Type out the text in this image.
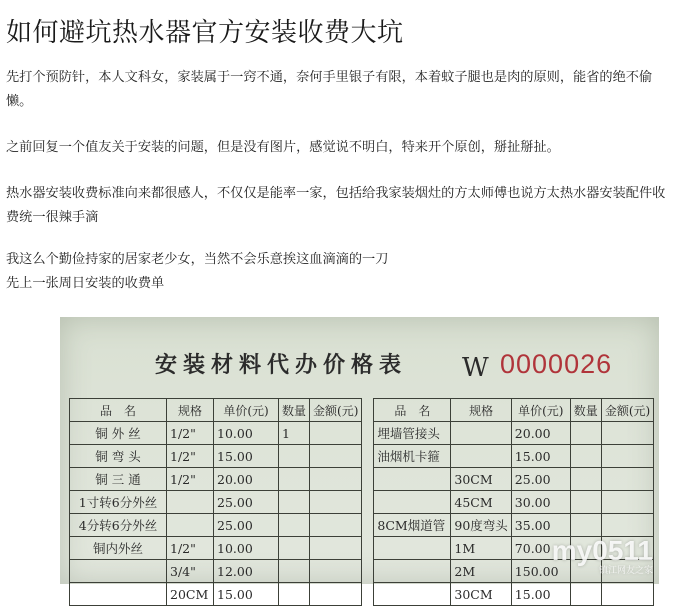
如何避坑热水器官方安装收费大坑
先打个预防针，本人文科女，家装属于一窍不通，奈何手里银子有限，本着蚊子腿也是肉的原则，能省的绝不偷
懒。
之前回复一个值友关于安装的问题，但是没有图片，感觉说不明白，特来开个原创，掰扯掰扯。
热水器安装收费标准向来都很感人，不仅仅是能率一家，包括给我家装烟灶的方太师傅也说方太热水器安装配件收
费统一很辣手滴
我这么个勤俭持家的居家老少女，当然不会乐意挨这血滴滴的一刀
先上一张周日安装的收费单
安装材料代办价格表 W 0000026
品　名	规格	单价(元)	数量	金额(元)		品　名	规格	单价(元)	数量	金额(元)
铜 外 丝	1/2"	10.00	1			埋墙管接头		20.00		
铜 弯 头	1/2"	15.00				油烟机卡箍		15.00		
铜 三 通	1/2"	20.00					30CM	25.00		
1寸转6分外丝		25.00					45CM	30.00		
4分转6分外丝		25.00				8CM烟道管	90度弯头	35.00		
铜内外丝	1/2"	10.00					1M	70.00		
	3/4"	12.00					2M	150.00		
	20CM	15.00					30CM	15.00		
my0511
镇江网友之家
